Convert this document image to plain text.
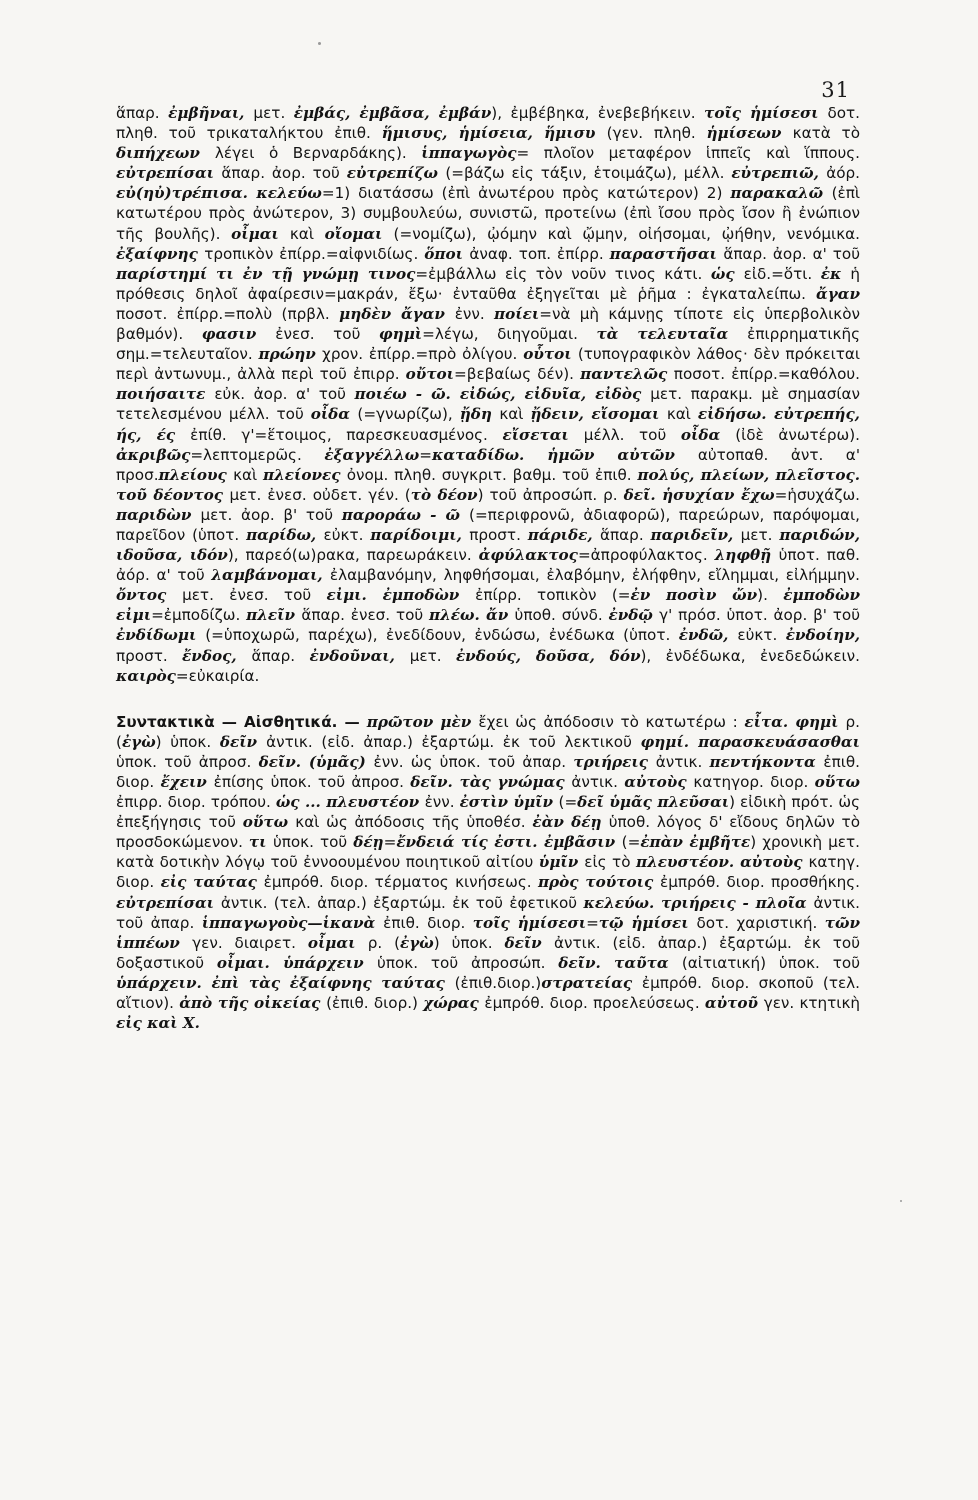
31

ἅπαρ. ἐμβῆναι, μετ. ἐμβάς, ἐμβᾶσα, ἐμβάν), ἐμβέβηκα, ἐνεβεβήκειν. τοῖς ἡμίσεσι δοτ. πληθ. τοῦ τρικαταλήκτου ἐπιθ. ἥμισυς, ἡμίσεια, ἥμισυ (γεν. πληθ. ἡμίσεων κατὰ τὸ διπήχεων λέγει ὁ Βερναρδάκης). ἱππαγωγὸς= πλοῖον μεταφέρον ἱππεῖς καὶ ἵππους. εὐτρεπίσαι ἅπαρ. ἀορ. τοῦ εὐτρεπίζω (=βάζω εἰς τάξιν, ἑτοιμάζω), μέλλ. εὐτρεπιῶ, ἀόρ. εὐ(ηὐ)τρέπισα. κελεύω=1) διατάσσω (ἐπὶ ἀνωτέρου πρὸς κατώτερον) 2) παρακαλῶ (ἐπὶ κατωτέρου πρὸς ἀνώτερον, 3) συμβουλεύω, συνιστῶ, προτείνω (ἐπὶ ἴσου πρὸς ἴσον ἢ ἐνώπιον τῆς βουλῆς). οἶμαι καὶ οἴομαι (=νομίζω), ᾠόμην καὶ ᾤμην, οἰήσομαι, ᾠήθην, νενόμικα. ἐξαίφνης τροπικὸν ἐπίρρ.=αἰφνιδίως. ὅποι ἀναφ. τοπ. ἐπίρρ. παραστῆσαι ἅπαρ. ἀορ. α' τοῦ παρίστημί τι ἐν τῇ γνώμῃ τινος=ἐμβάλλω εἰς τὸν νοῦν τινος κάτι. ὡς εἰδ.=ὅτι. ἐκ ἡ πρόθεσις δηλοῖ ἀφαίρεσιν=μακράν, ἔξω· ἐνταῦθα ἐξηγεῖται μὲ ῥῆμα : ἐγκαταλείπω. ἄγαν ποσοτ. ἐπίρρ.=πολὺ (πρβλ. μηδὲν ἄγαν ἐνν. ποίει=νὰ μὴ κάμνῃς τίποτε εἰς ὑπερβολικὸν βαθμόν). φασιν ἐνεσ. τοῦ φημὶ=λέγω, διηγοῦμαι. τὰ τελευταῖα ἐπιρρηματικῆς σημ.=τελευταῖον. πρώην χρον. ἐπίρρ.=πρὸ ὀλίγου. οὗτοι (τυπογραφικὸν λάθος· δὲν πρόκειται περὶ ἀντωνυμ., ἀλλὰ περὶ τοῦ ἐπιρρ. οὔτοι=βεβαίως δέν). παντελῶς ποσοτ. ἐπίρρ.=καθόλου. ποιήσαιτε εὐκ. ἀορ. α' τοῦ ποιέω - ῶ. εἰδώς, εἰδυῖα, εἰδὸς μετ. παρακμ. μὲ σημασίαν τετελεσμένου μέλλ. τοῦ οἶδα (=γνωρίζω), ᾔδη καὶ ᾔδειν, εἴσομαι καὶ εἰδήσω. εὐτρεπής, ής, ές ἐπίθ. γ'=ἕτοιμος, παρεσκευασμένος. εἴσεται μέλλ. τοῦ οἶδα (ἰδὲ ἀνωτέρω). ἀκριβῶς=λεπτομερῶς. ἐξαγγέλλω=καταδίδω. ἡμῶν αὐτῶν αὐτοπαθ. ἀντ. α' προσ.πλείους καὶ πλείονες ὀνομ. πληθ. συγκριτ. βαθμ. τοῦ ἐπιθ. πολύς, πλείων, πλεῖστος. τοῦ δέοντος μετ. ἐνεσ. οὐδετ. γέν. (τὸ δέον) τοῦ ἀπροσώπ. ρ. δεῖ. ἡσυχίαν ἔχω=ἡσυχάζω. παριδὼν μετ. ἀορ. β' τοῦ παροράω - ῶ (=περιφρονῶ, ἀδιαφορῶ), παρεώρων, παρόψομαι, παρεῖδον (ὑποτ. παρίδω, εὐκτ. παρίδοιμι, προστ. πάριδε, ἅπαρ. παριδεῖν, μετ. παριδών, ιδοῦσα, ιδόν), παρεό(ω)ρακα, παρεωράκειν. ἀφύλακτος=ἀπροφύλακτος. ληφθῇ ὑποτ. παθ. ἀόρ. α' τοῦ λαμβάνομαι, ἐλαμβανόμην, ληφθήσομαι, ἐλαβόμην, ἐλήφθην, εἴλημμαι, εἰλήμμην. ὄντος μετ. ἐνεσ. τοῦ εἰμι. ἐμποδὼν ἐπίρρ. τοπικὸν (=ἐν ποσὶν ὤν). ἐμποδὼν εἰμι=ἐμποδίζω. πλεῖν ἅπαρ. ἐνεσ. τοῦ πλέω. ἄν ὑποθ. σύνδ. ἐνδῷ γ' πρόσ. ὑποτ. ἀορ. β' τοῦ ἐνδίδωμι (=ὑποχωρῶ, παρέχω), ἐνεδίδουν, ἐνδώσω, ἐνέδωκα (ὑποτ. ἐνδῶ, εὐκτ. ἐνδοίην, προστ. ἔνδος, ἅπαρ. ἐνδοῦναι, μετ. ἐνδούς, δοῦσα, δόν), ἐνδέδωκα, ἐνεδεδώκειν. καιρὸς=εὐκαιρία.

Συντακτικὰ — Αἰσθητικά. — πρῶτον μὲν ἔχει ὡς ἀπόδοσιν τὸ κατωτέρω : εἶτα. φημὶ ρ. (ἐγὼ) ὑποκ. δεῖν ἀντικ. (εἰδ. ἀπαρ.) ἐξαρτώμ. ἐκ τοῦ λεκτικοῦ φημί. παρασκευάσασθαι ὑποκ. τοῦ ἀπροσ. δεῖν. (ὑμᾶς) ἐνν. ὡς ὑποκ. τοῦ ἀπαρ. τριήρεις ἀντικ. πεντήκοντα ἐπιθ. διορ. ἔχειν ἐπίσης ὑποκ. τοῦ ἀπροσ. δεῖν. τὰς γνώμας ἀντικ. αὐτοὺς κατηγορ. διορ. οὕτω ἐπιρρ. διορ. τρόπου. ὡς ... πλευστέον ἐνν. ἐστὶν ὑμῖν (=δεῖ ὑμᾶς πλεῦσαι) εἰδικὴ πρότ. ὡς ἐπεξήγησις τοῦ οὕτω καὶ ὡς ἀπόδοσις τῆς ὑποθέσ. ἐὰν δέῃ ὑποθ. λόγος δ' εἴδους δηλῶν τὸ προσδοκώμενον. τι ὑποκ. τοῦ δέῃ=ἔνδειά τίς ἐστι. ἐμβᾶσιν (=ἐπὰν ἐμβῆτε) χρονικὴ μετ. κατὰ δοτικὴν λόγῳ τοῦ ἐννοουμένου ποιητικοῦ αἰτίου ὑμῖν εἰς τὸ πλευστέον. αὐτοὺς κατηγ. διορ. εἰς ταύτας ἐμπρόθ. διορ. τέρματος κινήσεως. πρὸς τούτοις ἐμπρόθ. διορ. προσθήκης. εὐτρεπίσαι ἀντικ. (τελ. ἀπαρ.) ἐξαρτώμ. ἐκ τοῦ ἐφετικοῦ κελεύω. τριήρεις - πλοῖα ἀντικ. τοῦ ἀπαρ. ἱππαγωγοὺς—ἱκανὰ ἐπιθ. διορ. τοῖς ἡμίσεσι=τῷ ἡμίσει δοτ. χαριστική. τῶν ἱππέων γεν. διαιρετ. οἶμαι ρ. (ἐγὼ) ὑποκ. δεῖν ἀντικ. (εἰδ. ἀπαρ.) ἐξαρτώμ. ἐκ τοῦ δοξαστικοῦ οἶμαι. ὑπάρχειν ὑποκ. τοῦ ἀπροσώπ. δεῖν. ταῦτα (αἰτιατική) ὑποκ. τοῦ ὑπάρχειν. ἐπὶ τὰς ἐξαίφνης ταύτας (ἐπιθ.διορ.)στρατείας ἐμπρόθ. διορ. σκοποῦ (τελ. αἴτιον). ἀπὸ τῆς οἰκείας (ἐπιθ. διορ.) χώρας ἐμπρόθ. διορ. προελεύσεως. αὐτοῦ γεν. κτητικὴ εἰς καὶ X.
